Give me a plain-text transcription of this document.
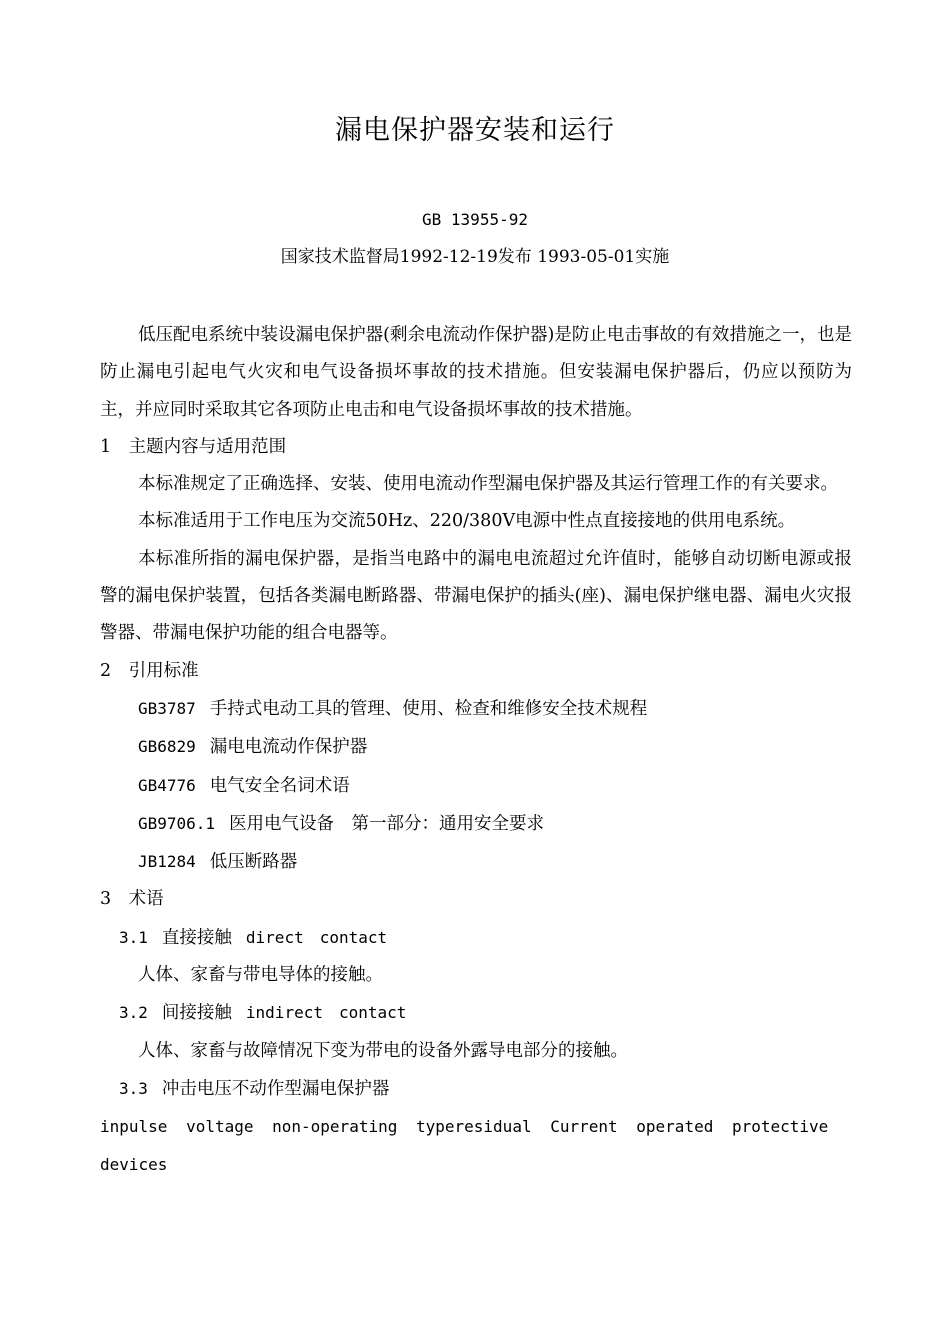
漏电保护器安装和运行
GB 13955-92
国家技术监督局1992-12-19发布 1993-05-01实施

低压配电系统中装设漏电保护器(剩余电流动作保护器)是防止电击事故的有效措施之一，也是防止漏电引起电气火灾和电气设备损坏事故的技术措施。但安装漏电保护器后，仍应以预防为主，并应同时采取其它各项防止电击和电气设备损坏事故的技术措施。

1　主题内容与适用范围

本标准规定了正确选择、安装、使用电流动作型漏电保护器及其运行管理工作的有关要求。

本标准适用于工作电压为交流50Hz、220/380V电源中性点直接接地的供用电系统。

本标准所指的漏电保护器，是指当电路中的漏电电流超过允许值时，能够自动切断电源或报警的漏电保护装置，包括各类漏电断路器、带漏电保护的插头(座)、漏电保护继电器、漏电火灾报警器、带漏电保护功能的组合电器等。

2　引用标准

GB3787 手持式电动工具的管理、使用、检查和维修安全技术规程

GB6829 漏电电流动作保护器

GB4776 电气安全名词术语

GB9706.1 医用电气设备　第一部分：通用安全要求

JB1284 低压断路器

3　术语

3.1 直接接触 direct　contact

人体、家畜与带电导体的接触。

3.2 间接接触 indirect　contact

人体、家畜与故障情况下变为带电的设备外露导电部分的接触。

3.3 冲击电压不动作型漏电保护器

inpulse voltage non-operating typeresidual Current operated protective devices
